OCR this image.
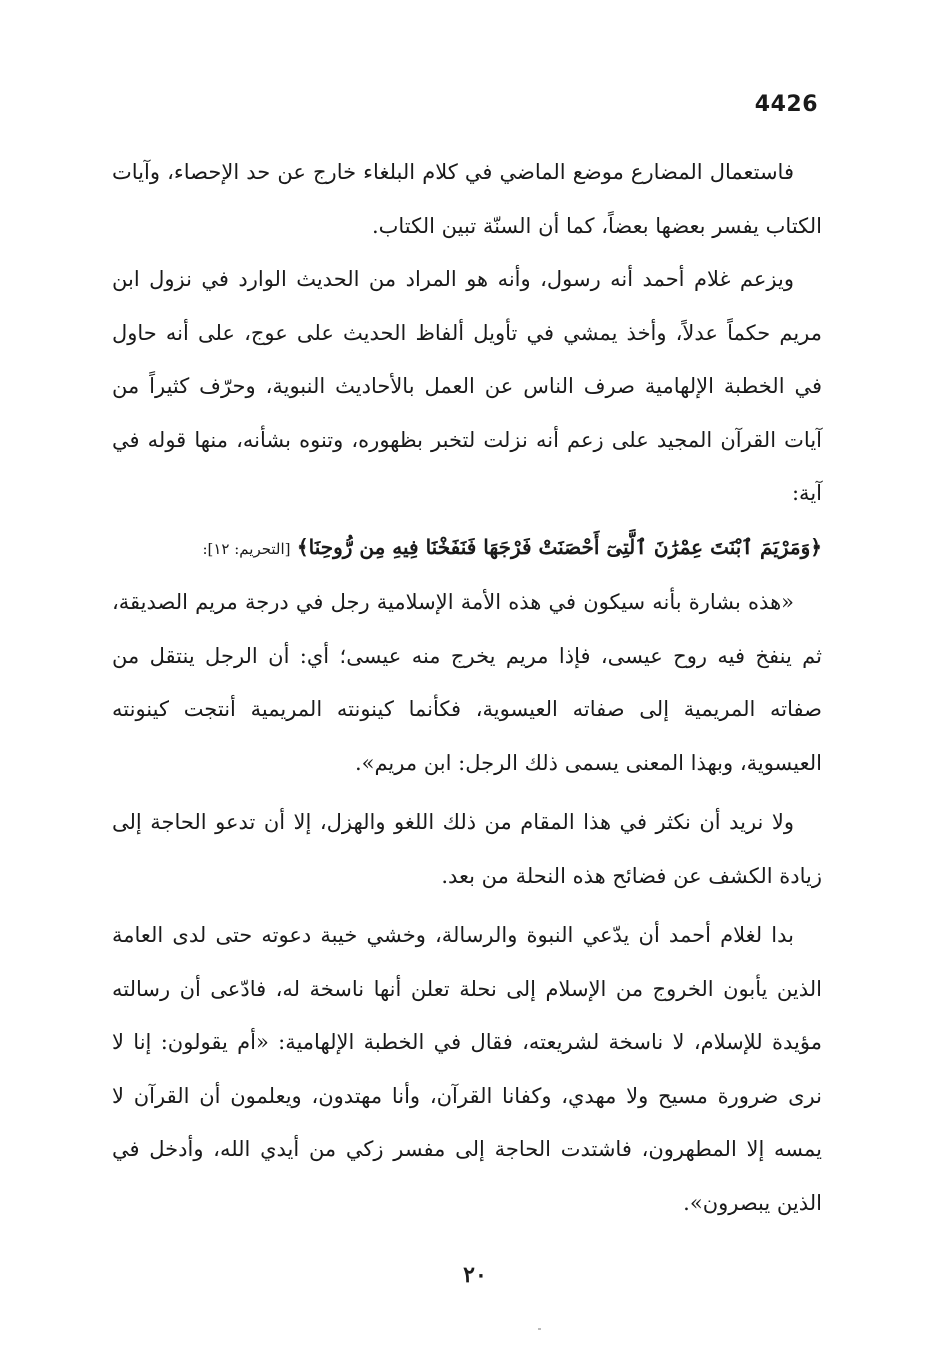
4426

فاستعمال المضارع موضع الماضي في كلام البلغاء خارج عن حد الإحصاء، وآيات الكتاب يفسر بعضها بعضاً، كما أن السنّة تبين الكتاب.

ويزعم غلام أحمد أنه رسول، وأنه هو المراد من الحديث الوارد في نزول ابن مريم حكماً عدلاً، وأخذ يمشي في تأويل ألفاظ الحديث على عوج، على أنه حاول في الخطبة الإلهامية صرف الناس عن العمل بالأحاديث النبوية، وحرّف كثيراً من آيات القرآن المجيد على زعم أنه نزلت لتخبر بظهوره، وتنوه بشأنه، منها قوله في آية:

﴿وَمَرْيَمَ ٱبْنَتَ عِمْرَٰنَ ٱلَّتِىٓ أَحْصَنَتْ فَرْجَهَا فَنَفَخْنَا فِيهِ مِن رُّوحِنَا﴾ [التحريم: ١٢]:

«هذه بشارة بأنه سيكون في هذه الأمة الإسلامية رجل في درجة مريم الصديقة، ثم ينفخ فيه روح عيسى، فإذا مريم يخرج منه عيسى؛ أي: أن الرجل ينتقل من صفاته المريمية إلى صفاته العيسوية، فكأنما كينونته المريمية أنتجت كينونته العيسوية، وبهذا المعنى يسمى ذلك الرجل: ابن مريم».

ولا نريد أن نكثر في هذا المقام من ذلك اللغو والهزل، إلا أن تدعو الحاجة إلى زيادة الكشف عن فضائح هذه النحلة من بعد.

بدا لغلام أحمد أن يدّعي النبوة والرسالة، وخشي خيبة دعوته حتى لدى العامة الذين يأبون الخروج من الإسلام إلى نحلة تعلن أنها ناسخة له، فادّعى أن رسالته مؤيدة للإسلام، لا ناسخة لشريعته، فقال في الخطبة الإلهامية: «أم يقولون: إنا لا نرى ضرورة مسيح ولا مهدي، وكفانا القرآن، وأنا مهتدون، ويعلمون أن القرآن لا يمسه إلا المطهرون، فاشتدت الحاجة إلى مفسر زكي من أيدي الله، وأدخل في الذين يبصرون».

٢٠
